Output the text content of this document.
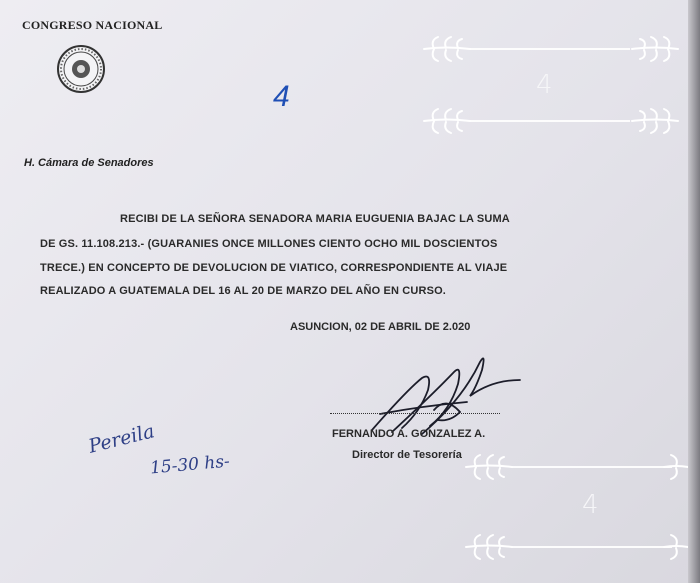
CONGRESO NACIONAL
4	4
H. Cámara de Senadores
RECIBI DE LA SEÑORA SENADORA MARIA EUGUENIA BAJAC LA SUMA
DE GS. 11.108.213.- (GUARANIES ONCE MILLONES CIENTO OCHO MIL DOSCIENTOS
TRECE.) EN CONCEPTO DE DEVOLUCION DE VIATICO, CORRESPONDIENTE AL VIAJE
REALIZADO A GUATEMALA DEL 16 AL 20 DE MARZO DEL AÑO EN CURSO.
ASUNCION, 02 DE ABRIL DE 2.020
FERNANDO A. GONZALEZ A.
Director de Tesorería
Pereila
15-30 hs-
4
